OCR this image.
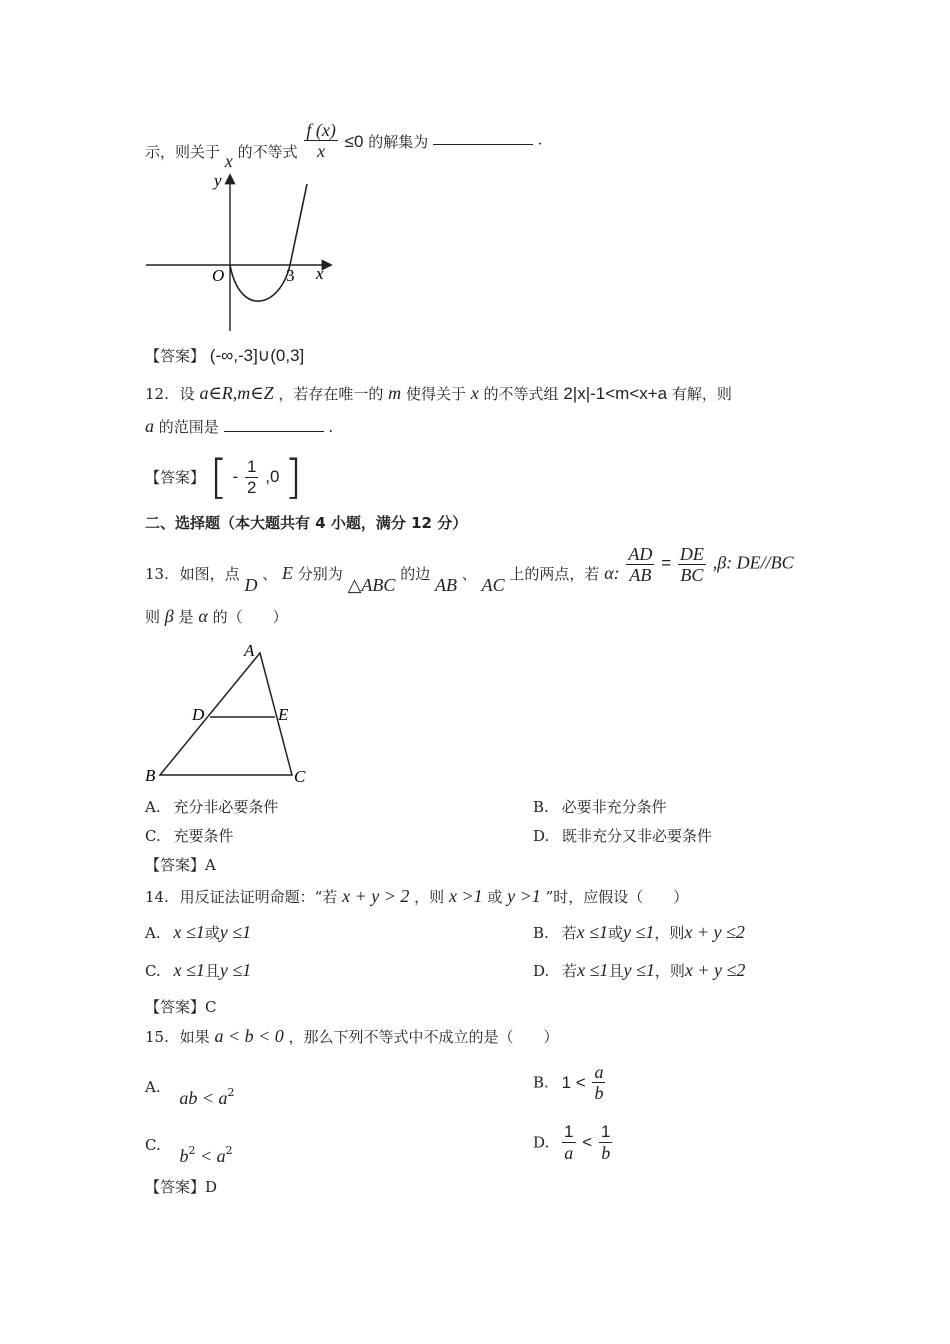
示，则关于 x 的不等式 $\frac{f (x)}{x} \le 0$ 的解集为	.
y
x
O	3
【答案】 (-∞,-3]∪(0,3]
12. 设 a∈R,m∈Z ，若存在唯一的 m 使得关于 x 的不等式组 2|x|-1<m<x+a 有解，则
a 的范围是	.
【答案】 [ - $\frac{1}{2} ,0$ ]
二、选择题（本大题共有 4 小题，满分 12 分）
13. 如图，点 D 、 E 分别为 △ABC 的边 AB 、 AC 上的两点，若 α: $\frac{AD}{AB} = \frac{DE}{BC} ,\beta$: DE//BC
则 β 是 α 的（　　）
A
B	C
D	E
A. 充分非必要条件	B. 必要非充分条件
C. 充要条件	D. 既非充分又非必要条件
【答案】A
14. 用反证法证明命题：“若 x + y > 2 ，则 x >1 或 y >1 ”时，应假设（　　）
A. x ≤1或y ≤1	B. 若x ≤1或y ≤1，则x + y ≤2
C. x ≤1且y ≤1	D. 若x ≤1且y ≤1，则x + y ≤2
【答案】C
15. 如果 a < b < 0 ，那么下列不等式中不成立的是（　　）
A. ab < $a^2$
B. $1 < \frac{a}{b}$
C. $b^2 < a^2$	D. $\frac{1}{a} < \frac{1}{b}$
【答案】D
